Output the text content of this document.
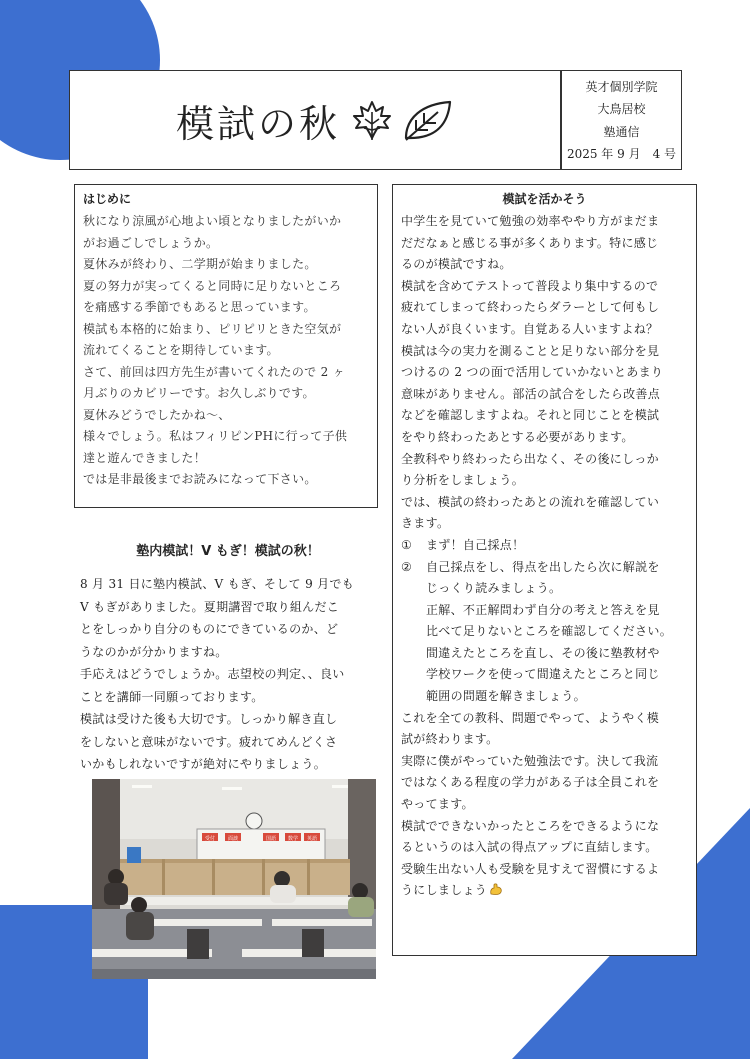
模試の秋
英才個別学院
大鳥居校
塾通信
2025 年 9 月　4 号
はじめに

秋になり涼風が心地よい頃となりましたがいか

がお過ごしでしょうか。

夏休みが終わり、二学期が始まりました。

夏の努力が実ってくると同時に足りないところ

を痛感する季節でもあると思っています。

模試も本格的に始まり、ピリピリときた空気が

流れてくることを期待しています。

さて、前回は四方先生が書いてくれたので 2 ヶ

月ぶりのカビリーです。お久しぶりです。

夏休みどうでしたかね〜、

様々でしょう。私はフィリピンPHに行って子供

達と遊んできました！

では是非最後までお読みになって下さい。

塾内模試！V もぎ！模試の秋！

8 月 31 日に塾内模試、V もぎ、そして 9 月でも

V もぎがありました。夏期講習で取り組んだこ

とをしっかり自分のものにできているのか、ど

うなのかが分かりますね。

手応えはどうでしょうか。志望校の判定、、良い

ことを講師一同願っております。

模試は受けた後も大切です。しっかり解き直し

をしないと意味がないです。疲れてめんどくさ

いかもしれないですが絶対にやりましょう。

受付	面談	国語 数学 英語
模試を活かそう

中学生を見ていて勉強の効率ややり方がまだま

だだなぁと感じる事が多くあります。特に感じ

るのが模試ですね。

模試を含めてテストって普段より集中するので

疲れてしまって終わったらダラーとして何もし

ない人が良くいます。自覚ある人いますよね？

模試は今の実力を測ることと足りない部分を見

つけるの 2 つの面で活用していかないとあまり

意味がありません。部活の試合をしたら改善点

などを確認しますよね。それと同じことを模試

をやり終わったあとする必要があります。

全教科やり終わったら出なく、その後にしっか

り分析をしましょう。

では、模試の終わったあとの流れを確認してい

きます。

① まず！自己採点！

② 自己採点をし、得点を出したら次に解説を

じっくり読みましょう。

正解、不正解問わず自分の考えと答えを見

比べて足りないところを確認してください。

間違えたところを直し、その後に塾教材や

学校ワークを使って間違えたところと同じ

範囲の問題を解きましょう。

これを全ての教科、問題でやって、ようやく模

試が終わります。

実際に僕がやっていた勉強法です。決して我流

ではなくある程度の学力がある子は全員これを

やってます。

模試でできないかったところをできるようにな

るというのは入試の得点アップに直結します。

受験生出ない人も受験を見すえて習慣にするよ

うにしましょう
